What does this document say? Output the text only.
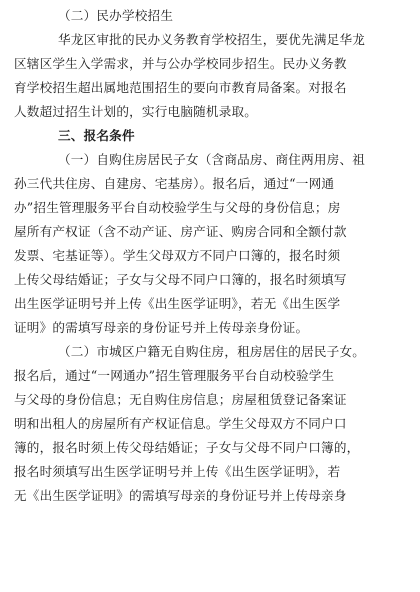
（二）民办学校招生
华龙区审批的民办义务教育学校招生，要优先满足华龙
区辖区学生入学需求，并与公办学校同步招生。民办义务教
育学校招生超出属地范围招生的要向市教育局备案。对报名
人数超过招生计划的，实行电脑随机录取。
三、报名条件
（一）自购住房居民子女（含商品房、商住两用房、祖
孙三代共住房、自建房、宅基房）。报名后，通过“一网通
办”招生管理服务平台自动校验学生与父母的身份信息；房
屋所有产权证（含不动产证、房产证、购房合同和全额付款
发票、宅基证等）。学生父母双方不同户口簿的，报名时须
上传父母结婚证；子女与父母不同户口簿的，报名时须填写
出生医学证明号并上传《出生医学证明》，若无《出生医学
证明》的需填写母亲的身份证号并上传母亲身份证。
（二）市城区户籍无自购住房，租房居住的居民子女。
报名后，通过“一网通办”招生管理服务平台自动校验学生
与父母的身份信息；无自购住房信息；房屋租赁登记备案证
明和出租人的房屋所有产权证信息。学生父母双方不同户口
簿的，报名时须上传父母结婚证；子女与父母不同户口簿的，
报名时须填写出生医学证明号并上传《出生医学证明》，若
无《出生医学证明》的需填写母亲的身份证号并上传母亲身
